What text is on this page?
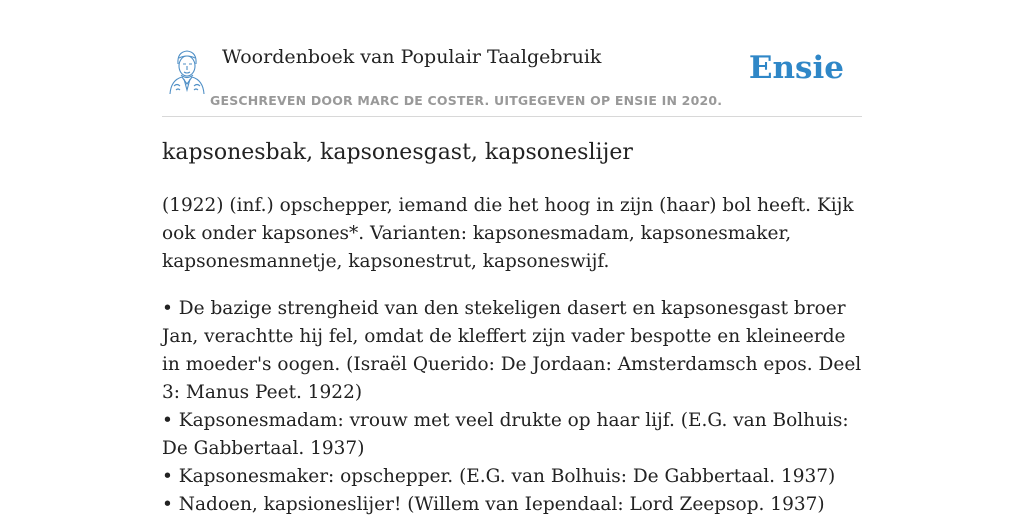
Woordenboek van Populair Taalgebruik
GESCHREVEN DOOR MARC DE COSTER. UITGEGEVEN OP ENSIE IN 2020.
Ensie
kapsonesbak, kapsonesgast, kapsoneslijer

(1922) (inf.) opschepper, iemand die het hoog in zijn (haar) bol heeft. Kijk ook onder kapsones*. Varianten: kapsonesmadam, kapsonesmaker, kapsonesmannetje, kapsonestrut, kapsoneswijf.

• De bazige strengheid van den stekeligen dasert en kapsonesgast broer Jan, verachtte hij fel, omdat de kleffert zijn vader bespotte en kleineerde in moeder's oogen. (Israël Querido: De Jordaan: Amsterdamsch epos. Deel 3: Manus Peet. 1922)
• Kapsonesmadam: vrouw met veel drukte op haar lijf. (E.G. van Bolhuis: De Gabbertaal. 1937)
• Kapsonesmaker: opschepper. (E.G. van Bolhuis: De Gabbertaal. 1937)
• Nadoen, kapsioneslijer! (Willem van Iependaal: Lord Zeepsop. 1937)
